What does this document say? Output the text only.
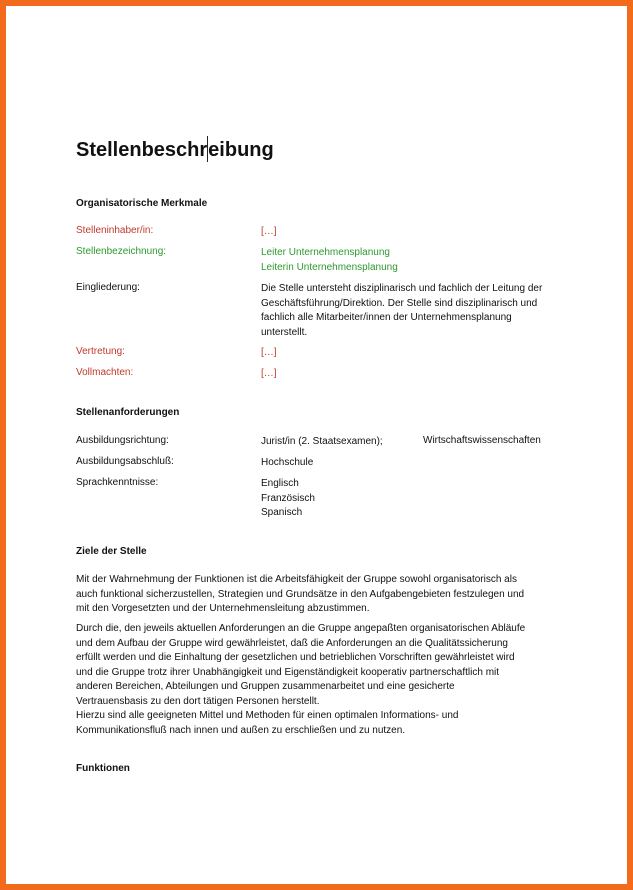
Stellenbeschreibung
Organisatorische Merkmale
Stelleninhaber/in:	[…]
Stellenbezeichnung:	Leiter Unternehmensplanung
Leiterin Unternehmensplanung
Eingliederung:	Die Stelle untersteht disziplinarisch und fachlich der Leitung der
Geschäftsführung/Direktion. Der Stelle sind disziplinarisch und
fachlich alle Mitarbeiter/innen der Unternehmensplanung
unterstellt.
Vertretung:	[…]
Vollmachten:	[…]
Stellenanforderungen
Ausbildungsrichtung:	Jurist/in (2. Staatsexamen);	Wirtschaftswissenschaften
Ausbildungsabschluß:	Hochschule
Sprachkenntnisse:	Englisch
Französisch
Spanisch
Ziele der Stelle
Mit der Wahrnehmung der Funktionen ist die Arbeitsfähigkeit der Gruppe sowohl organisatorisch als
auch funktional sicherzustellen, Strategien und Grundsätze in den Aufgabengebieten festzulegen und
mit den Vorgesetzten und der Unternehmensleitung abzustimmen.
Durch die, den jeweils aktuellen Anforderungen an die Gruppe angepaßten organisatorischen Abläufe
und dem Aufbau der Gruppe wird gewährleistet, daß die Anforderungen an die Qualitätssicherung
erfüllt werden und die Einhaltung der gesetzlichen und betrieblichen Vorschriften gewährleistet wird
und die Gruppe trotz ihrer Unabhängigkeit und Eigenständigkeit kooperativ partnerschaftlich mit
anderen Bereichen, Abteilungen und Gruppen zusammenarbeitet und eine gesicherte
Vertrauensbasis zu den dort tätigen Personen herstellt.
Hierzu sind alle geeigneten Mittel und Methoden für einen optimalen Informations- und
Kommunikationsfluß nach innen und außen zu erschließen und zu nutzen.
Funktionen
